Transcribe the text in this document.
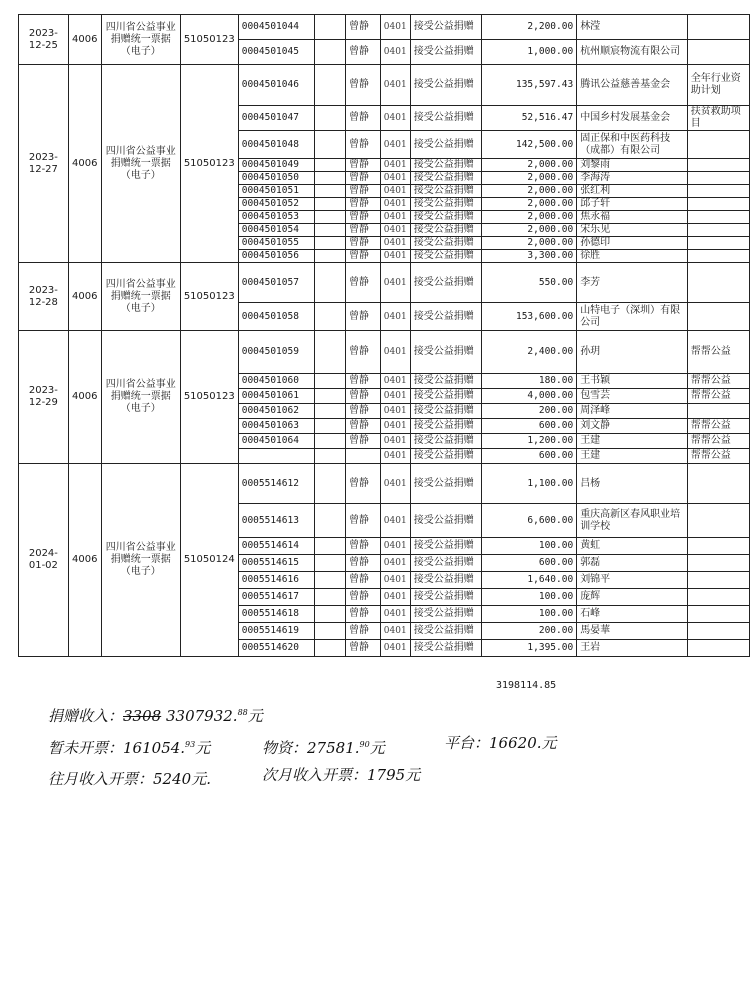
2023-12-25	4006	四川省公益事业捐赠统一票据（电子）	51050123	0004501044		曾静	0401	接受公益捐赠	2,200.00	林滢	
				0004501045		曾静	0401	接受公益捐赠	1,000.00	杭州顺宸物流有限公司	
2023-12-27	4006	四川省公益事业捐赠统一票据（电子）	51050123	0004501046		曾静	0401	接受公益捐赠	135,597.43	腾讯公益慈善基金会	全年行业资助计划
				0004501047		曾静	0401	接受公益捐赠	52,516.47	中国乡村发展基金会	扶贫救助项目
				0004501048		曾静	0401	接受公益捐赠	142,500.00	固正保和中医药科技（成都）有限公司	
				0004501049		曾静	0401	接受公益捐赠	2,000.00	刘黎雨	
				0004501050		曾静	0401	接受公益捐赠	2,000.00	李海涛	
				0004501051		曾静	0401	接受公益捐赠	2,000.00	张红利	
				0004501052		曾静	0401	接受公益捐赠	2,000.00	邱子轩	
				0004501053		曾静	0401	接受公益捐赠	2,000.00	焦永福	
				0004501054		曾静	0401	接受公益捐赠	2,000.00	宋乐见	
				0004501055		曾静	0401	接受公益捐赠	2,000.00	孙德印	
				0004501056		曾静	0401	接受公益捐赠	3,300.00	徐胜	
2023-12-28	4006	四川省公益事业捐赠统一票据（电子）	51050123	0004501057		曾静	0401	接受公益捐赠	550.00	李芳	
				0004501058		曾静	0401	接受公益捐赠	153,600.00	山特电子（深圳）有限公司	
2023-12-29	4006	四川省公益事业捐赠统一票据（电子）	51050123	0004501059		曾静	0401	接受公益捐赠	2,400.00	孙玥	帮帮公益
				0004501060		曾静	0401	接受公益捐赠	180.00	王书颖	帮帮公益
				0004501061		曾静	0401	接受公益捐赠	4,000.00	包雪芸	帮帮公益
				0004501062		曾静	0401	接受公益捐赠	200.00	周泽峰	
				0004501063		曾静	0401	接受公益捐赠	600.00	刘文静	帮帮公益
				0004501064		曾静	0401	接受公益捐赠	1,200.00	王建	帮帮公益
							0401	接受公益捐赠	600.00	王建	帮帮公益
2024-01-02	4006	四川省公益事业捐赠统一票据（电子）	51050124	0005514612		曾静	0401	接受公益捐赠	1,100.00	吕杨	
				0005514613		曾静	0401	接受公益捐赠	6,600.00	重庆高新区春风职业培训学校	
				0005514614		曾静	0401	接受公益捐赠	100.00	黄虹	
				0005514615		曾静	0401	接受公益捐赠	600.00	郭磊	
				0005514616		曾静	0401	接受公益捐赠	1,640.00	刘锦平	
				0005514617		曾静	0401	接受公益捐赠	100.00	庞辉	
				0005514618		曾静	0401	接受公益捐赠	100.00	石峰	
				0005514619		曾静	0401	接受公益捐赠	200.00	馬晏華	
				0005514620		曾静	0401	接受公益捐赠	1,395.00	王岩	
3198114.85
捐赠收入：3308 3307932.88元
暂未开票：161054.93元	物资：27581.90元	平台：16620.元
往月收入开票：5240元.	次月收入开票：1795元
